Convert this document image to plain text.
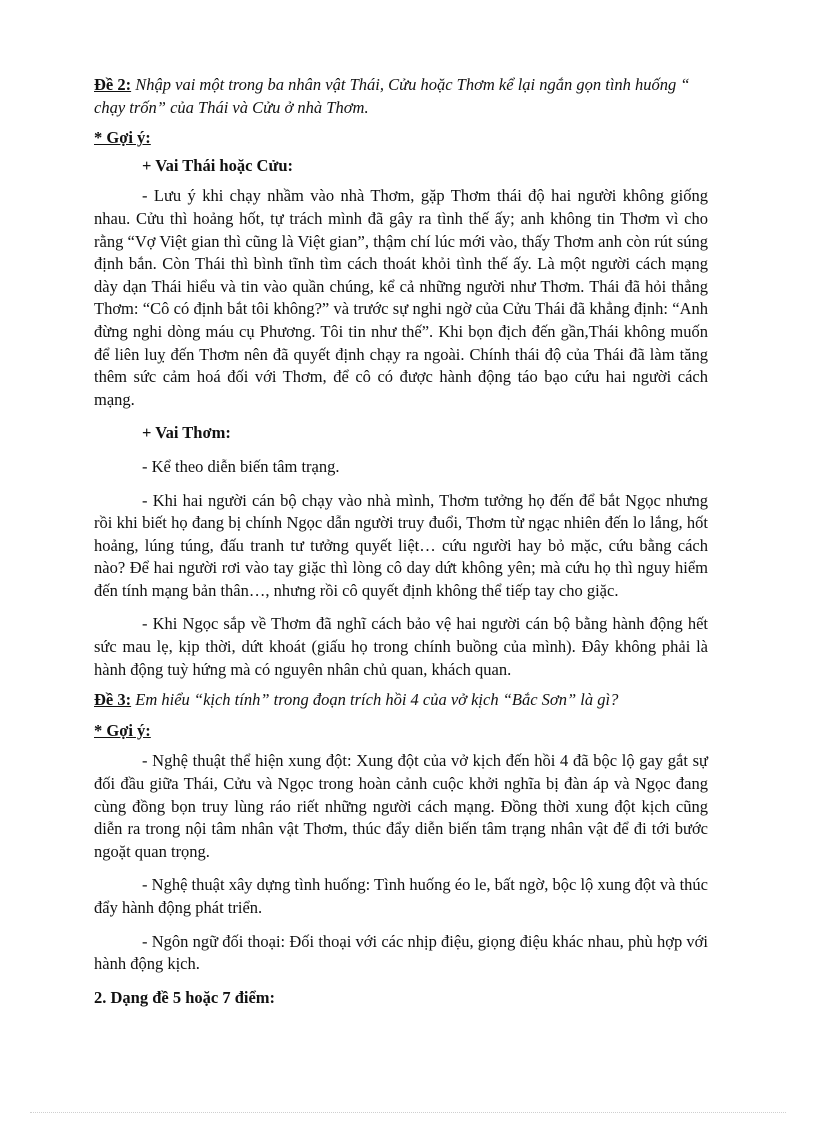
Đề 2: Nhập vai một trong ba nhân vật Thái, Cửu hoặc Thơm kể lại ngắn gọn tình huống “ chạy trốn” của Thái và Cửu ở nhà Thơm.

* Gợi ý:

+ Vai Thái hoặc Cửu:

- Lưu ý khi chạy nhầm vào nhà Thơm, gặp Thơm thái độ hai người không giống nhau. Cửu thì hoảng hốt, tự trách mình đã gây ra tình thế ấy; anh không tin Thơm vì cho rằng “Vợ Việt gian thì cũng là Việt gian”, thậm chí lúc mới vào, thấy Thơm anh còn rút súng định bắn. Còn Thái thì bình tĩnh tìm cách thoát khỏi tình thế ấy. Là một người cách mạng dày dạn Thái hiểu và tin vào quần chúng, kể cả những người như Thơm. Thái đã hỏi thẳng Thơm: “Cô có định bắt tôi không?” và trước sự nghi ngờ của Cửu Thái đã khẳng định: “Anh đừng nghi dòng máu cụ Phương. Tôi tin như thế”. Khi bọn địch đến gần,Thái không muốn để liên luỵ đến Thơm nên đã quyết định chạy ra ngoài. Chính thái độ của Thái đã làm tăng thêm sức cảm hoá đối với Thơm, để cô có được hành động táo bạo cứu hai người cách mạng.

+ Vai Thơm:

- Kể theo diễn biến tâm trạng.

- Khi hai người cán bộ chạy vào nhà mình, Thơm tưởng họ đến để bắt Ngọc nhưng rồi khi biết họ đang bị chính Ngọc dẫn người truy đuổi, Thơm từ ngạc nhiên đến lo lắng, hốt hoảng, lúng túng, đấu tranh tư tưởng quyết liệt… cứu người hay bỏ mặc, cứu bằng cách nào? Để hai người rơi vào tay giặc thì lòng cô day dứt không yên; mà cứu họ thì nguy hiểm đến tính mạng bản thân…, nhưng rồi cô quyết định không thể tiếp tay cho giặc.

- Khi Ngọc sắp về Thơm đã nghĩ cách bảo vệ hai người cán bộ bằng hành động hết sức mau lẹ, kịp thời, dứt khoát (giấu họ trong chính buồng của mình). Đây không phải là hành động tuỳ hứng mà có nguyên nhân chủ quan, khách quan.

Đề 3: Em hiểu “kịch tính” trong đoạn trích hồi 4 của vở kịch “Bắc Sơn” là gì?

* Gợi ý:

- Nghệ thuật thể hiện xung đột: Xung đột của vở kịch đến hồi 4 đã bộc lộ gay gắt sự đối đầu giữa Thái, Cửu và Ngọc trong hoàn cảnh cuộc khởi nghĩa bị đàn áp và Ngọc đang cùng đồng bọn truy lùng ráo riết những người cách mạng. Đồng thời xung đột kịch cũng diễn ra trong nội tâm nhân vật Thơm, thúc đẩy diễn biến tâm trạng nhân vật để đi tới bước ngoặt quan trọng.

- Nghệ thuật xây dựng tình huống: Tình huống éo le, bất ngờ, bộc lộ xung đột và thúc đẩy hành động phát triển.

- Ngôn ngữ đối thoại: Đối thoại với các nhịp điệu, giọng điệu khác nhau, phù hợp với hành động kịch.

2. Dạng đề 5 hoặc 7 điểm:
